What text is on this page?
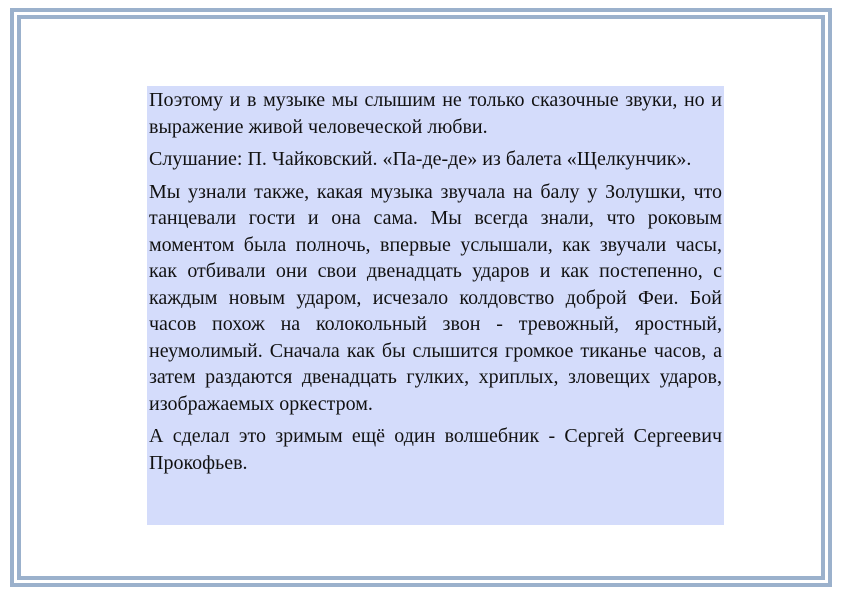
Поэтому и в музыке мы слышим не только сказочные звуки, но и выражение живой человеческой любви.

Слушание: П. Чайковский. «Па-де-де» из балета «Щелкунчик».

Мы узнали также, какая музыка звучала на балу у Золушки, что танцевали гости и она сама. Мы всегда знали, что роковым моментом была полночь, впервые услышали, как звучали часы, как отбивали они свои двенадцать ударов и как постепенно, с каждым новым ударом, исчезало колдовство доброй Феи. Бой часов похож на колокольный звон - тревожный, яростный, неумолимый. Сначала как бы слышится громкое тиканье часов, а затем раздаются двенадцать гулких, хриплых, зловещих ударов, изображаемых оркестром.

А сделал это зримым ещё один волшебник - Сергей Сергеевич Прокофьев.
